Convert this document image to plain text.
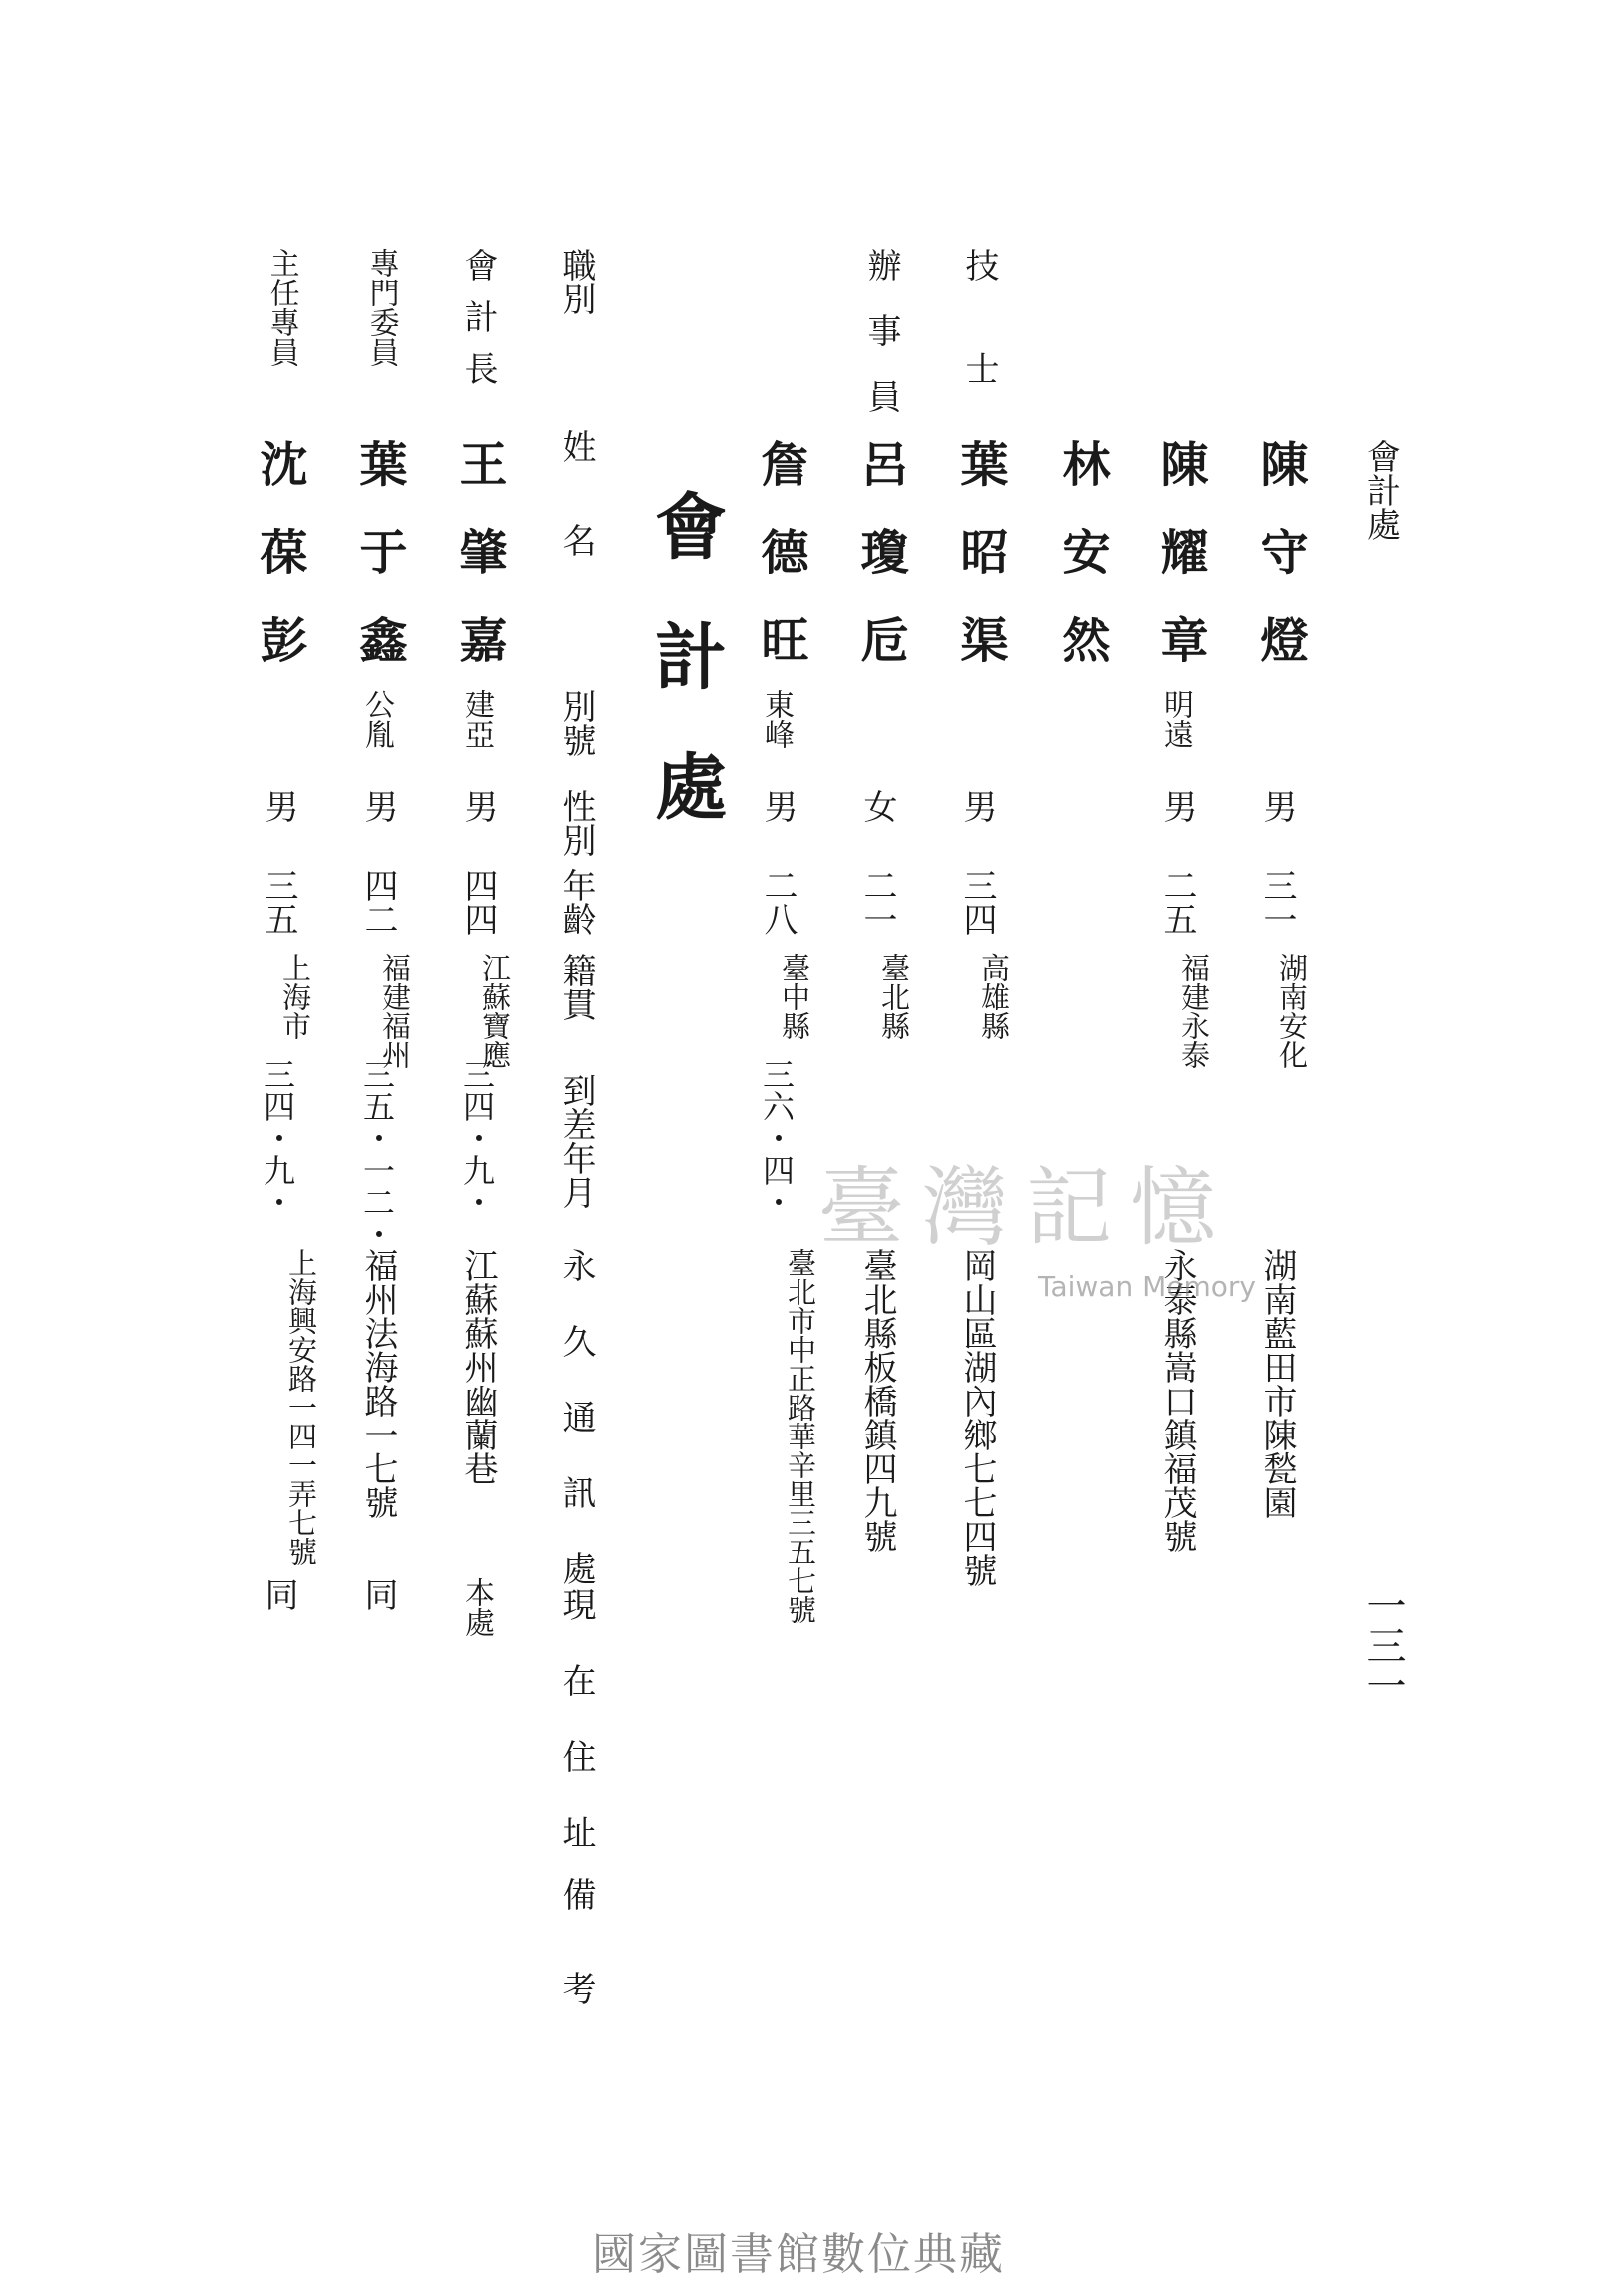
會計處
一三一
陳守燈
男
三一
湖南安化
湖南藍田市陳甃園
陳耀章
明遠
男
二五
福建永泰
永泰縣嵩口鎮福茂號
林安然
技士
葉昭渠
男
三四
高雄縣
岡山區湖內鄉七七四號
辦事員
呂瓊卮
女
二一
臺北縣
臺北縣板橋鎮四九號
詹德旺
東峰
男
二八
臺中縣
三六・四・
臺北市中正路華辛里三五七號
會計處
職別
姓名
別號
性別
年齡
籍貫
到差年月
永久通訊處
現在住址
備考
會計長
王肇嘉
建亞
男
四四
江蘇寶應
三四・九・
江蘇蘇州幽蘭巷
本處
專門委員
葉于鑫
公胤
男
四二
福建福州
三五・一二・
福州法海路一七號
同
主任專員
沈葆彭
男
三五
上海市
三四・九・
上海興安路一四一弄七號
同
臺灣記憶
Taiwan Memory
國家圖書館數位典藏
